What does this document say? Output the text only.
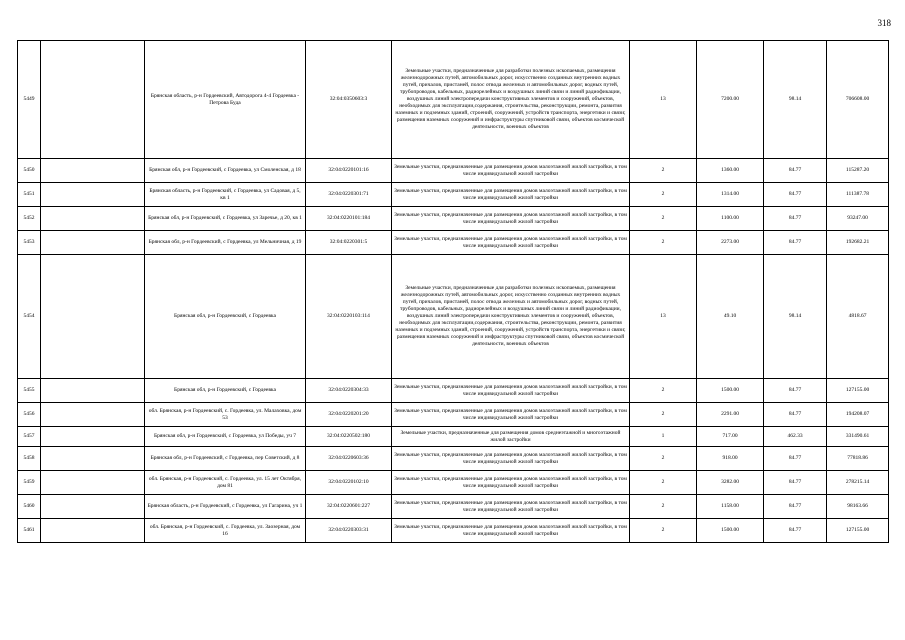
318
5449		Брянская область, р-н Гордеевский, Автодорога 4-4 Гордеевка - Петрова Буда	32:04:0350603:3	Земельные участки, предназначенные для разработки полезных ископаемых, размещения железнодорожных путей, автомобильных дорог, искусственно созданных внутренних водных путей, причалов, пристаней, полос отвода железных и автомобильных дорог, водных путей, трубопроводов, кабельных, радиорелейных и воздушных линий связи и линий радиофикации, воздушных линий электропередачи конструктивных элементов и сооружений, объектов, необходимых для эксплуатации,содержания, строительства, реконструкции, ремонта, развития наземных и подземных зданий, строений, сооружений, устройств транспорта, энергетики и связи; размещения наземных сооружений и инфраструктуры спутниковой связи, объектов космической деятельности, военных объектов	13	7200.00	98.14	706608.00
5450		Брянская обл, р-н Гордеевский, с Гордеевка, ул Смоленская, д 18	32:04:0220101:16	Земельные участки, предназначенные для размещения домов малоэтажной жилой застройки, в том числе индивидуальной жилой застройки	2	1360.00	84.77	115287.20
5451		Брянская область, р-н Гордеевский, с Гордеевка, ул Садовая, д 5, кв 1	32:04:0220301:71	Земельные участки, предназначенные для размещения домов малоэтажной жилой застройки, в том числе индивидуальной жилой застройки	2	1314.00	84.77	111387.78
5452		Брянская обл, р-н Гордеевский, с Гордеевка, ул Заречье, д 20, кв 1	32:04:0220101:184	Земельные участки, предназначенные для размещения домов малоэтажной жилой застройки, в том числе индивидуальной жилой застройки	2	1100.00	84.77	93247.00
5453		Брянская обл, р-н Гордеевский, с Гордеевка, ул Мельничная, д 19	32:04:0220301:5	Земельные участки, предназначенные для размещения домов малоэтажной жилой застройки, в том числе индивидуальной жилой застройки	2	2273.00	84.77	192682.21
5454		Брянская обл, р-н Гордеевский, с Гордеевка	32:04:0220103:114	Земельные участки, предназначенные для разработки полезных ископаемых, размещения железнодорожных путей, автомобильных дорог, искусственно созданных внутренних водных путей, причалов, пристаней, полос отвода железных и автомобильных дорог, водных путей, трубопроводов, кабельных, радиорелейных и воздушных линий связи и линий радиофикации, воздушных линий электропередачи конструктивных элементов и сооружений, объектов, необходимых для эксплуатации,содержания, строительства, реконструкции, ремонта, развития наземных и подземных зданий, строений, сооружений, устройств транспорта, энергетики и связи; размещения наземных сооружений и инфраструктуры спутниковой связи, объектов космической деятельности, военных объектов	13	49.10	98.14	4818.67
5455		Брянская обл, р-н Гордеевский, с Гордеевка	32:04:0220304:33	Земельные участки, предназначенные для размещения домов малоэтажной жилой застройки, в том числе индивидуальной жилой застройки	2	1500.00	84.77	127155.00
5456		обл. Брянская, р-н Гордеевский, с. Гордеевка, ул. Малаховка, дом 53	32:04:0220201:20	Земельные участки, предназначенные для размещения домов малоэтажной жилой застройки, в том числе индивидуальной жилой застройки	2	2291.00	84.77	194208.07
5457		Брянская обл, р-н Гордеевский, с Гордеевка, ул Победы, уч 7	32:04:0220502:180	Земельные участки, предназначенные для размещения домов среднеэтажной и многоэтажной жилой застройки	1	717.00	462.33	331490.61
5458		Брянская обл, р-н Гордеевский, с Гордеевка, пер Советский, д 8	32:04:0220603:36	Земельные участки, предназначенные для размещения домов малоэтажной жилой застройки, в том числе индивидуальной жилой застройки	2	918.00	84.77	77818.86
5459		обл. Брянская, р-н Гордеевский, с. Гордеевка, ул. 15 лет Октября, дом 81	32:04:0220102:10	Земельные участки, предназначенные для размещения домов малоэтажной жилой застройки, в том числе индивидуальной жилой застройки	2	3282.00	84.77	278215.14
5460		Брянская область, р-н Гордеевский, с Гордеевка, ул Гагарина, уч 1	32:04:0220601:227	Земельные участки, предназначенные для размещения домов малоэтажной жилой застройки, в том числе индивидуальной жилой застройки	2	1158.00	84.77	98163.66
5461		обл. Брянская, р-н Гордеевский, с. Гордеевка, ул. Заозерная, дом 16	32:04:0220303:31	Земельные участки, предназначенные для размещения домов малоэтажной жилой застройки, в том числе индивидуальной жилой застройки	2	1500.00	84.77	127155.00
